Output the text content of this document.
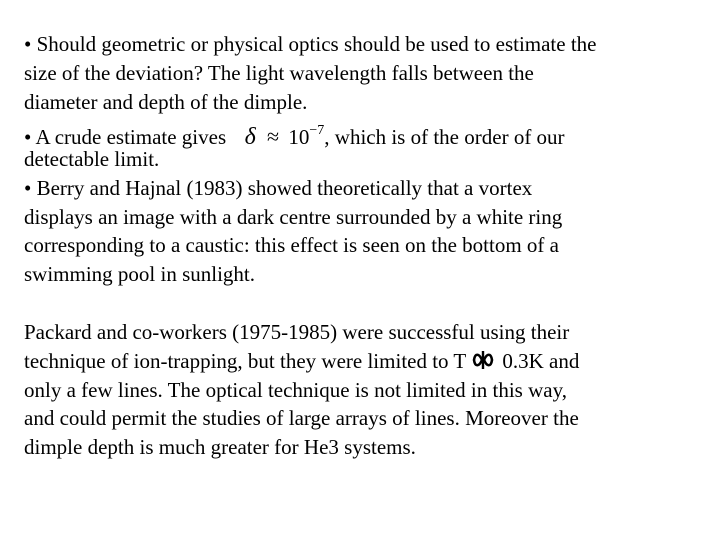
• Should geometric or physical optics should be used to estimate the
size of the deviation? The light wavelength falls between the
diameter and depth of the dimple.
• A crude estimate gives $\delta \approx 10^{-7}$, which is of the order of our
detectable limit.
• Berry and Hajnal (1983) showed theoretically that a vortex
displays an image with a dark centre surrounded by a white ring
corresponding to a caustic: this effect is seen on the bottom of a
swimming pool in sunlight.
Packard and co-workers (1975-1985) were successful using their
technique of ion-trapping, but they were limited to T 0.3K and
only a few lines. The optical technique is not limited in this way,
and could permit the studies of large arrays of lines. Moreover the
dimple depth is much greater for He3 systems.
